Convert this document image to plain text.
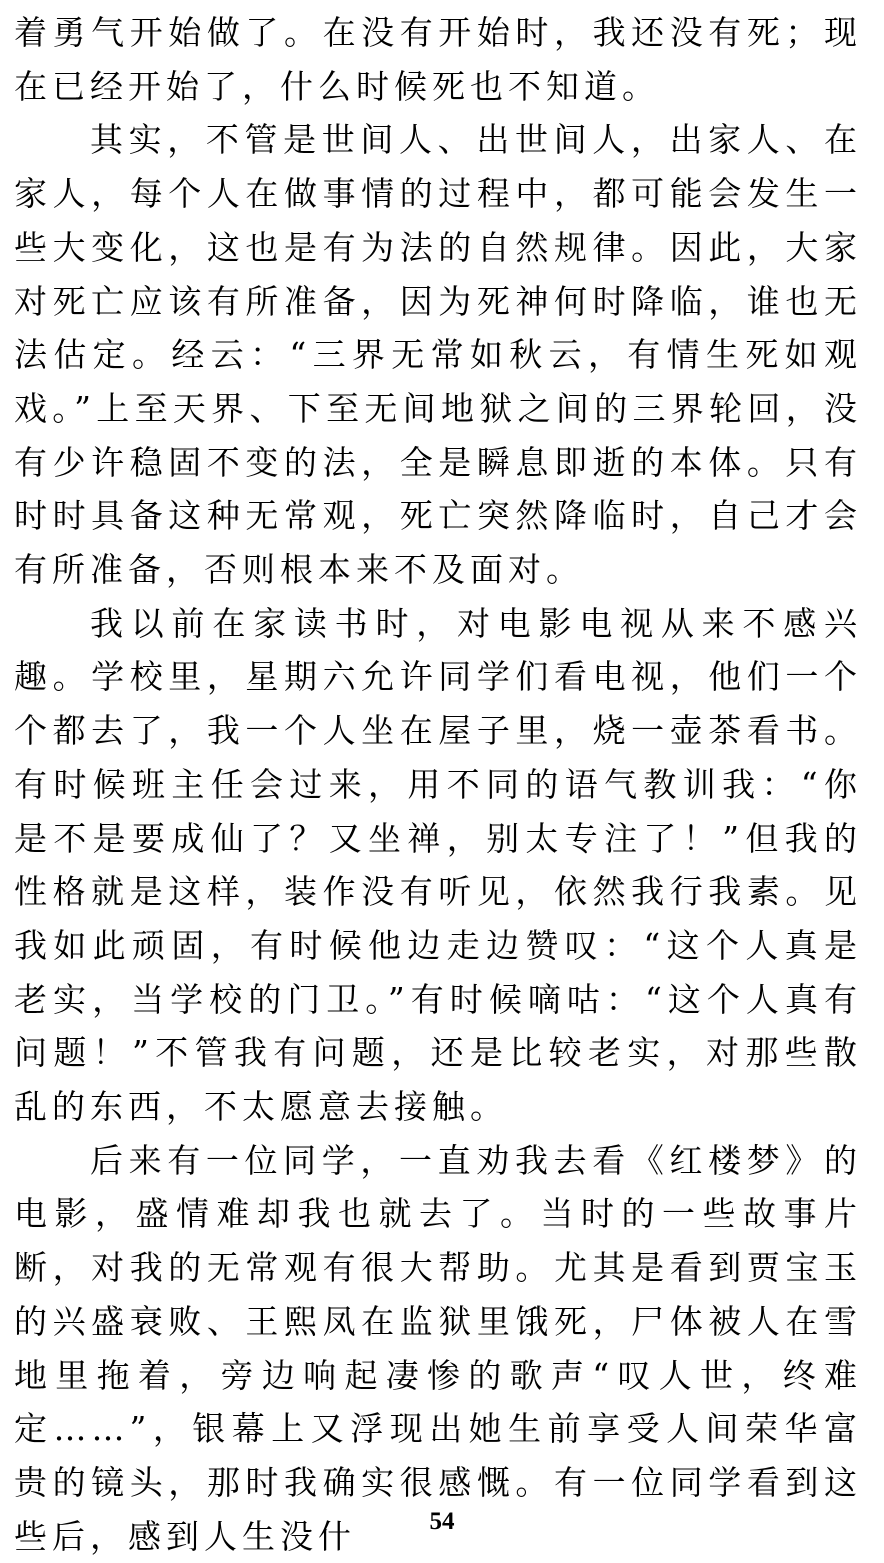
着勇气开始做了。在没有开始时，我还没有死；现在已经开始了，什么时候死也不知道。

其实，不管是世间人、出世间人，出家人、在家人，每个人在做事情的过程中，都可能会发生一些大变化，这也是有为法的自然规律。因此，大家对死亡应该有所准备，因为死神何时降临，谁也无法估定。经云：“三界无常如秋云，有情生死如观戏。”上至天界、下至无间地狱之间的三界轮回，没有少许稳固不变的法，全是瞬息即逝的本体。只有时时具备这种无常观，死亡突然降临时，自己才会有所准备，否则根本来不及面对。

我以前在家读书时，对电影电视从来不感兴趣。学校里，星期六允许同学们看电视，他们一个个都去了，我一个人坐在屋子里，烧一壶茶看书。有时候班主任会过来，用不同的语气教训我：“你是不是要成仙了？又坐禅，别太专注了！”但我的性格就是这样，装作没有听见，依然我行我素。见我如此顽固，有时候他边走边赞叹：“这个人真是老实，当学校的门卫。”有时候嘀咕：“这个人真有问题！”不管我有问题，还是比较老实，对那些散乱的东西，不太愿意去接触。

后来有一位同学，一直劝我去看《红楼梦》的电影，盛情难却我也就去了。当时的一些故事片断，对我的无常观有很大帮助。尤其是看到贾宝玉的兴盛衰败、王熙凤在监狱里饿死，尸体被人在雪地里拖着，旁边响起凄惨的歌声“叹人世，终难定……”，银幕上又浮现出她生前享受人间荣华富贵的镜头，那时我确实很感慨。有一位同学看到这些后，感到人生没什	54
